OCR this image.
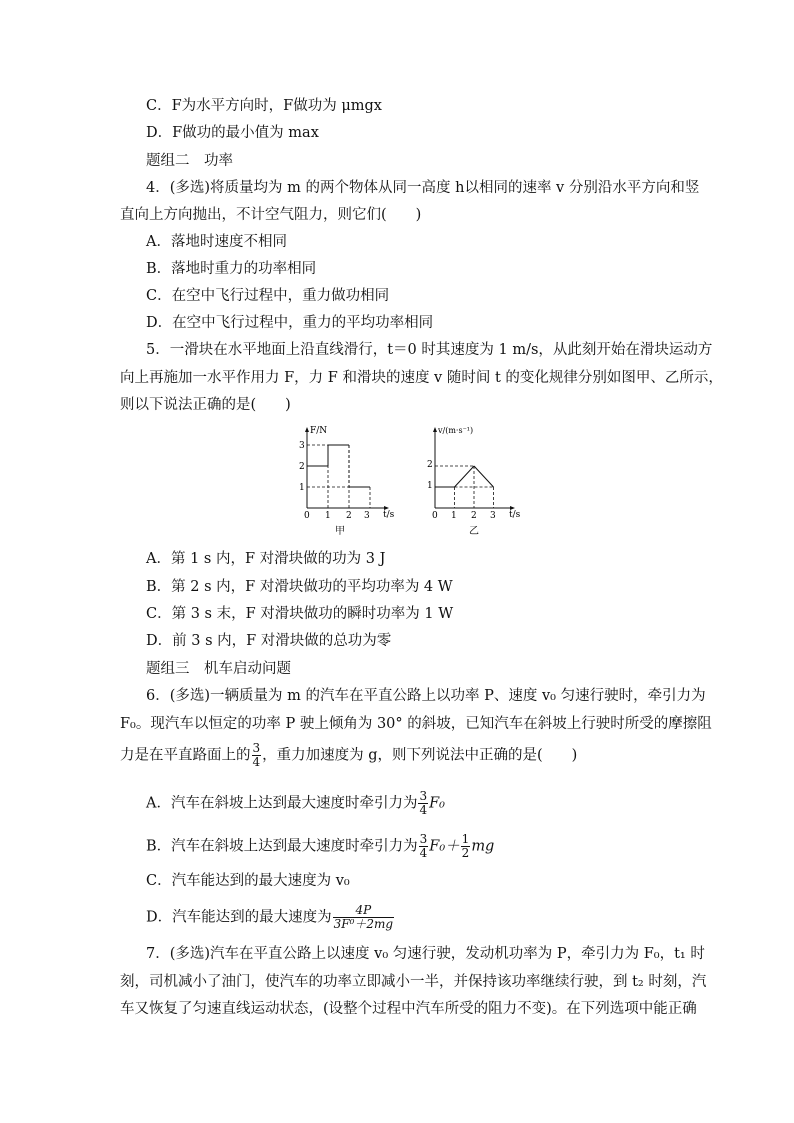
C．F为水平方向时，F做功为 μmgx
D．F做功的最小值为 max
题组二　功率
4．(多选)将质量均为 m 的两个物体从同一高度 h以相同的速率 v 分别沿水平方向和竖
直向上方向抛出，不计空气阻力，则它们(　　)
A．落地时速度不相同
B．落地时重力的功率相同
C．在空中飞行过程中，重力做功相同
D．在空中飞行过程中，重力的平均功率相同
5．一滑块在水平地面上沿直线滑行，t＝0 时其速度为 1 m/s，从此刻开始在滑块运动方
向上再施加一水平作用力 F，力 F 和滑块的速度 v 随时间 t 的变化规律分别如图甲、乙所示，
则以下说法正确的是(　　)
F/N
t/s
3
2
1
0 1 2 3
甲
v/(m·s⁻¹)
t/s
2
1
0 1 2 3
乙
A．第 1 s 内，F 对滑块做的功为 3 J
B．第 2 s 内，F 对滑块做功的平均功率为 4 W
C．第 3 s 末，F 对滑块做功的瞬时功率为 1 W
D．前 3 s 内，F 对滑块做的总功为零
题组三　机车启动问题
6．(多选)一辆质量为 m 的汽车在平直公路上以功率 P、速度 v₀ 匀速行驶时，牵引力为
F₀。现汽车以恒定的功率 P 驶上倾角为 30° 的斜坡，已知汽车在斜坡上行驶时所受的摩擦阻
力是在平直路面上的 $\frac{3}{4}$ ，重力加速度为 g，则下列说法中正确的是(　　)
A．汽车在斜坡上达到最大速度时牵引力为 $\frac{3}{4} F_0$
B．汽车在斜坡上达到最大速度时牵引力为 $\frac{3}{4} F_0+ \frac{1}{2}$ mg
C．汽车能达到的最大速度为 v₀
D．汽车能达到的最大速度为 $\frac{4P}{\text{3F⁰＋2mg}}$
7．(多选)汽车在平直公路上以速度 v₀ 匀速行驶，发动机功率为 P，牵引力为 F₀，t₁ 时
刻，司机减小了油门，使汽车的功率立即减小一半，并保持该功率继续行驶，到 t₂ 时刻，汽
车又恢复了匀速直线运动状态，(设整个过程中汽车所受的阻力不变)。在下列选项中能正确
